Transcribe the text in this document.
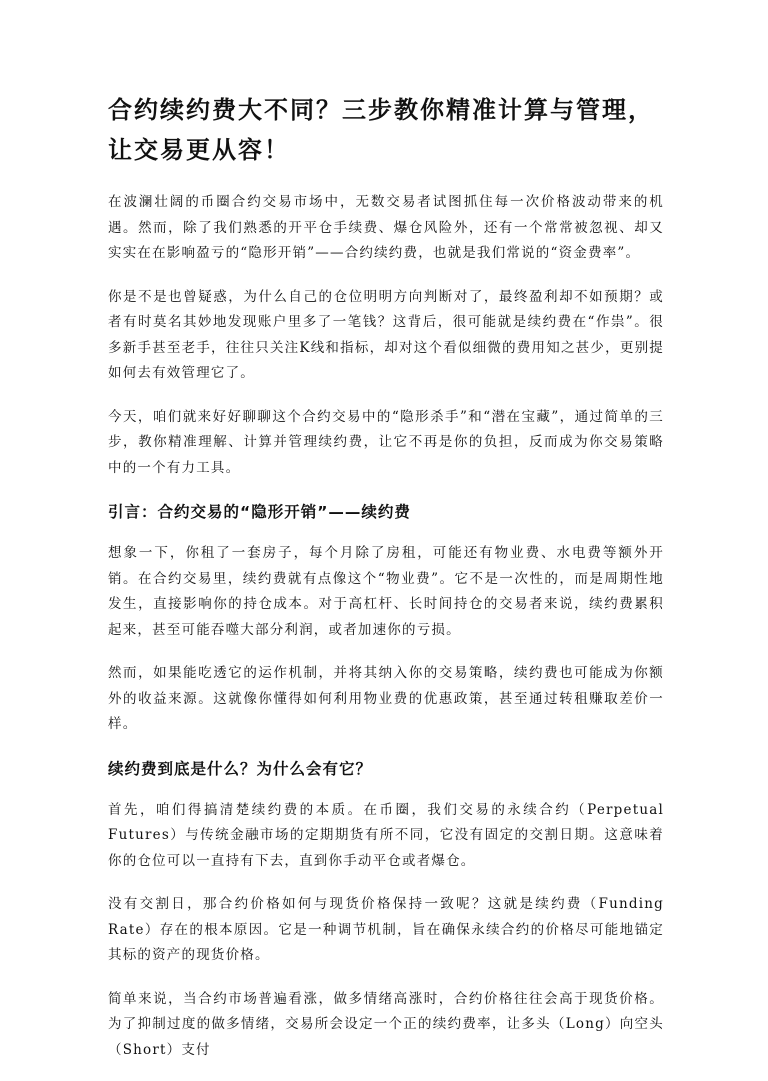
合约续约费大不同？三步教你精准计算与管理，让交易更从容！

在波澜壮阔的币圈合约交易市场中，无数交易者试图抓住每一次价格波动带来的机遇。然而，除了我们熟悉的开平仓手续费、爆仓风险外，还有一个常常被忽视、却又实实在在影响盈亏的“隐形开销”——合约续约费，也就是我们常说的“资金费率”。

你是不是也曾疑惑，为什么自己的仓位明明方向判断对了，最终盈利却不如预期？或者有时莫名其妙地发现账户里多了一笔钱？这背后，很可能就是续约费在“作祟”。很多新手甚至老手，往往只关注K线和指标，却对这个看似细微的费用知之甚少，更别提如何去有效管理它了。

今天，咱们就来好好聊聊这个合约交易中的“隐形杀手”和“潜在宝藏”，通过简单的三步，教你精准理解、计算并管理续约费，让它不再是你的负担，反而成为你交易策略中的一个有力工具。

引言：合约交易的“隐形开销”——续约费

想象一下，你租了一套房子，每个月除了房租，可能还有物业费、水电费等额外开销。在合约交易里，续约费就有点像这个“物业费”。它不是一次性的，而是周期性地发生，直接影响你的持仓成本。对于高杠杆、长时间持仓的交易者来说，续约费累积起来，甚至可能吞噬大部分利润，或者加速你的亏损。

然而，如果能吃透它的运作机制，并将其纳入你的交易策略，续约费也可能成为你额外的收益来源。这就像你懂得如何利用物业费的优惠政策，甚至通过转租赚取差价一样。

续约费到底是什么？为什么会有它？

首先，咱们得搞清楚续约费的本质。在币圈，我们交易的永续合约（Perpetual Futures）与传统金融市场的定期期货有所不同，它没有固定的交割日期。这意味着你的仓位可以一直持有下去，直到你手动平仓或者爆仓。

没有交割日，那合约价格如何与现货价格保持一致呢？这就是续约费（Funding Rate）存在的根本原因。它是一种调节机制，旨在确保永续合约的价格尽可能地锚定其标的资产的现货价格。

简单来说，当合约市场普遍看涨，做多情绪高涨时，合约价格往往会高于现货价格。为了抑制过度的做多情绪，交易所会设定一个正的续约费率，让多头（Long）向空头（Short）支付
